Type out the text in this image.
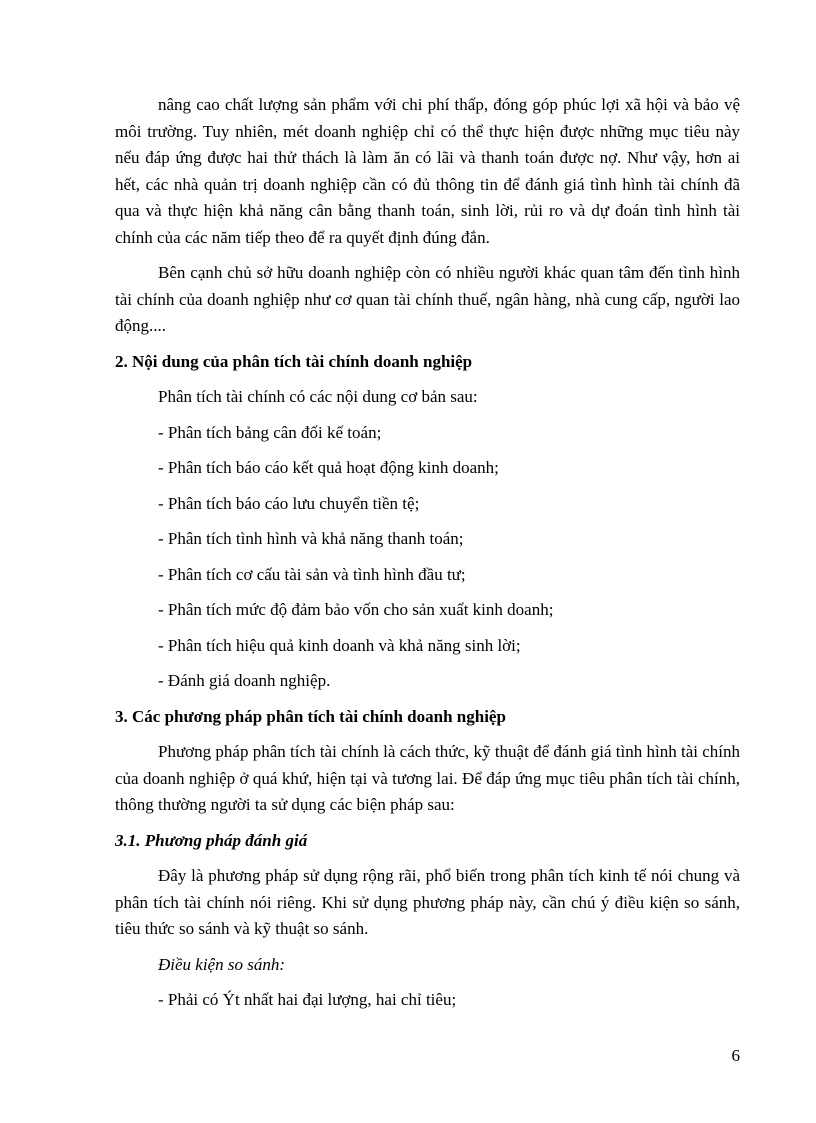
nâng cao chất lượng sản phẩm với chi phí thấp, đóng góp phúc lợi xã hội và bảo vệ môi trường. Tuy nhiên, mét doanh nghiệp chỉ có thể thực hiện được những mục tiêu này nếu đáp ứng được hai thử thách là làm ăn có lãi và thanh toán được nợ. Như vậy, hơn ai hết, các nhà quản trị doanh nghiệp cần có đủ thông tin để đánh giá tình hình tài chính đã qua và thực hiện khả năng cân bằng thanh toán, sinh lời, rủi ro và dự đoán tình hình tài chính của các năm tiếp theo để ra quyết định đúng đắn.

Bên cạnh chủ sở hữu doanh nghiệp còn có nhiều người khác quan tâm đến tình hình tài chính của doanh nghiệp như cơ quan tài chính thuế, ngân hàng, nhà cung cấp, người lao động....

2. Nội dung của phân tích tài chính doanh nghiệp

Phân tích tài chính có các nội dung cơ bản sau:

- Phân tích bảng cân đối kế toán;

- Phân tích báo cáo kết quả hoạt động kinh doanh;

- Phân tích báo cáo lưu chuyển tiền tệ;

- Phân tích tình hình và khả năng thanh toán;

- Phân tích cơ cấu tài sản và tình hình đầu tư;

- Phân tích mức độ đảm bảo vốn cho sản xuất kinh doanh;

- Phân tích hiệu quả kinh doanh và khả năng sinh lời;

- Đánh giá doanh nghiệp.

3. Các phương pháp phân tích tài chính doanh nghiệp

Phương pháp phân tích tài chính là cách thức, kỹ thuật để đánh giá tình hình tài chính của doanh nghiệp ở quá khứ, hiện tại và tương lai. Để đáp ứng mục tiêu phân tích tài chính, thông thường người ta sử dụng các biện pháp sau:

3.1. Phương pháp đánh giá

Đây là phương pháp sử dụng rộng rãi, phổ biến trong phân tích kinh tế nói chung và phân tích tài chính nói riêng. Khi sử dụng phương pháp này, cần chú ý điều kiện so sánh, tiêu thức so sánh và kỹ thuật so sánh.

Điều kiện so sánh:

- Phải có Ýt nhất hai đại lượng, hai chỉ tiêu;

6
